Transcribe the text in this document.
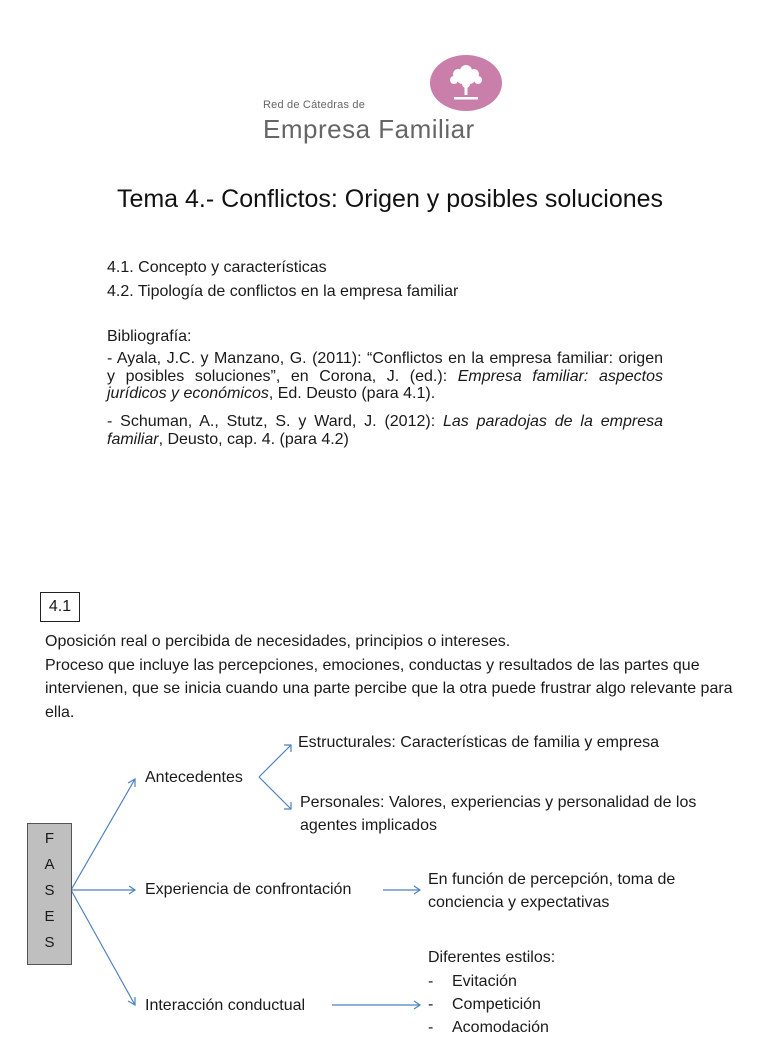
Red de Cátedras de
Empresa Familiar
Tema 4.- Conflictos: Origen y posibles soluciones
4.1. Concepto y características
4.2. Tipología de conflictos en la empresa familiar
Bibliografía:
- Ayala, J.C. y Manzano, G. (2011): “Conflictos en la empresa familiar: origen y posibles soluciones”, en Corona, J. (ed.): Empresa familiar: aspectos jurídicos y económicos, Ed. Deusto (para 4.1).
- Schuman, A., Stutz, S. y Ward, J. (2012): Las paradojas de la empresa familiar, Deusto, cap. 4. (para 4.2)
4.1
Oposición real o percibida de necesidades, principios o intereses.
Proceso que incluye las percepciones, emociones, conductas y resultados de las partes que intervienen, que se inicia cuando una parte percibe que la otra puede frustrar algo relevante para ella.
F
A
S
E
S
Antecedentes
Estructurales: Características de familia y empresa
Personales: Valores, experiencias y personalidad de los agentes implicados
Experiencia de confrontación
En función de percepción, toma de conciencia y expectativas
Interacción conductual
Diferentes estilos:
- Evitación
- Competición
- Acomodación
